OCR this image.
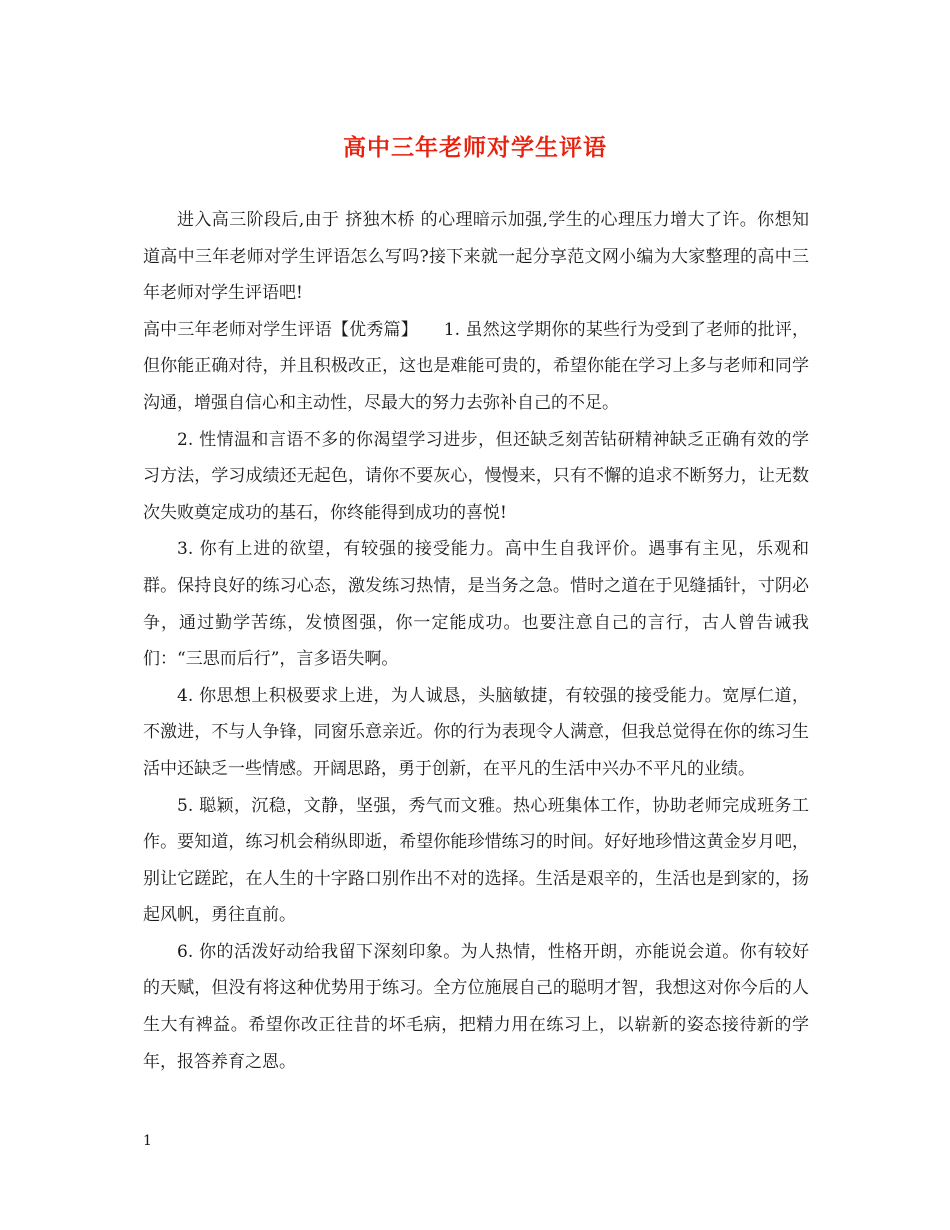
高中三年老师对学生评语

进入高三阶段后,由于 挤独木桥 的心理暗示加强,学生的心理压力增大了许。你想知道高中三年老师对学生评语怎么写吗?接下来就一起分享范文网小编为大家整理的高中三年老师对学生评语吧!

高中三年老师对学生评语【优秀篇】　　1. 虽然这学期你的某些行为受到了老师的批评，但你能正确对待，并且积极改正，这也是难能可贵的，希望你能在学习上多与老师和同学沟通，增强自信心和主动性，尽最大的努力去弥补自己的不足。

2. 性情温和言语不多的你渴望学习进步，但还缺乏刻苦钻研精神缺乏正确有效的学习方法，学习成绩还无起色，请你不要灰心，慢慢来，只有不懈的追求不断努力，让无数次失败奠定成功的基石，你终能得到成功的喜悦!

3. 你有上进的欲望，有较强的接受能力。高中生自我评价。遇事有主见，乐观和群。保持良好的练习心态，激发练习热情，是当务之急。惜时之道在于见缝插针，寸阴必争，通过勤学苦练，发愤图强，你一定能成功。也要注意自己的言行，古人曾告诫我们：“三思而后行”，言多语失啊。

4. 你思想上积极要求上进，为人诚恳，头脑敏捷，有较强的接受能力。宽厚仁道，不激进，不与人争锋，同窗乐意亲近。你的行为表现令人满意，但我总觉得在你的练习生活中还缺乏一些情感。开阔思路，勇于创新，在平凡的生活中兴办不平凡的业绩。

5. 聪颖，沉稳，文静，坚强，秀气而文雅。热心班集体工作，协助老师完成班务工作。要知道，练习机会稍纵即逝，希望你能珍惜练习的时间。好好地珍惜这黄金岁月吧，别让它蹉跎，在人生的十字路口别作出不对的选择。生活是艰辛的，生活也是到家的，扬起风帆，勇往直前。

6. 你的活泼好动给我留下深刻印象。为人热情，性格开朗，亦能说会道。你有较好的天赋，但没有将这种优势用于练习。全方位施展自己的聪明才智，我想这对你今后的人生大有裨益。希望你改正往昔的坏毛病，把精力用在练习上，以崭新的姿态接待新的学年，报答养育之恩。

1
